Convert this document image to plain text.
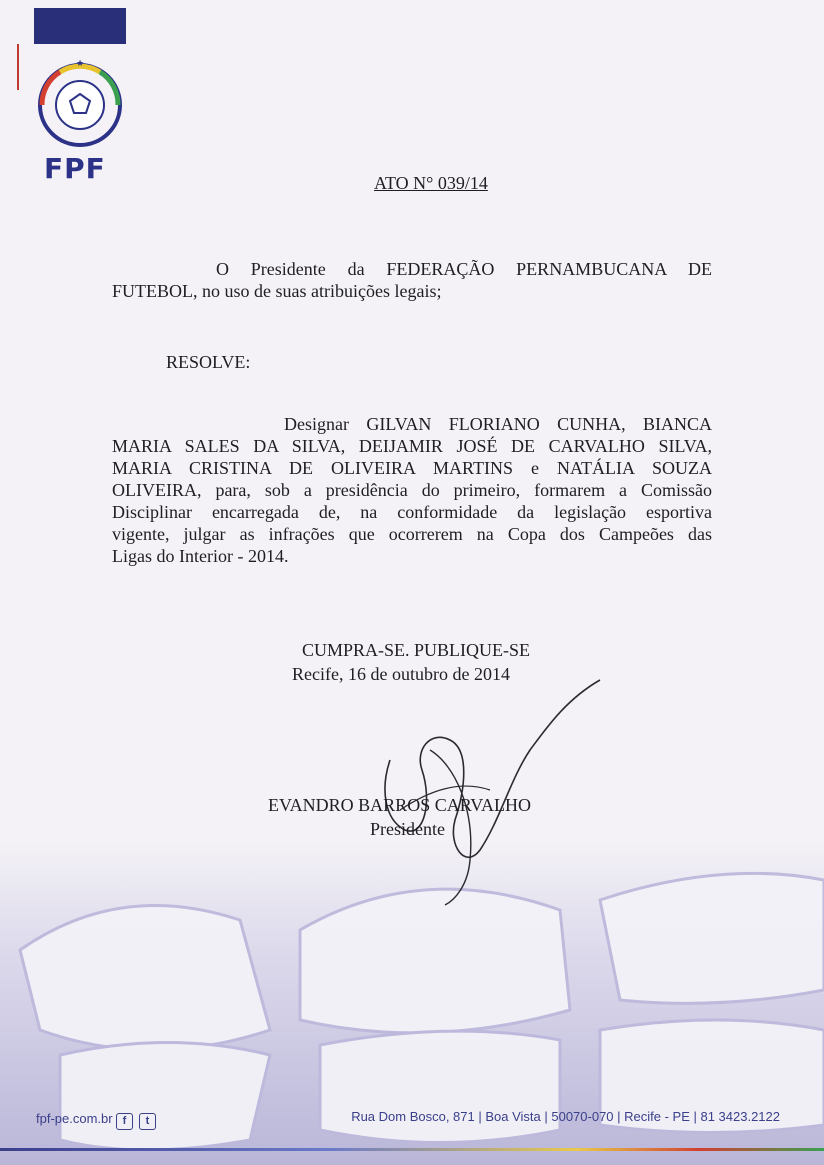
★
FPF	ATO N° 039/14
O Presidente da FEDERAÇÃO PERNAMBUCANA DE
FUTEBOL, no uso de suas atribuições legais;
RESOLVE:
Designar GILVAN FLORIANO CUNHA, BIANCA
MARIA SALES DA SILVA, DEIJAMIR JOSÉ DE CARVALHO SILVA,
MARIA CRISTINA DE OLIVEIRA MARTINS e NATÁLIA SOUZA
OLIVEIRA, para, sob a presidência do primeiro, formarem a Comissão
Disciplinar encarregada de, na conformidade da legislação esportiva
vigente, julgar as infrações que ocorrerem na Copa dos Campeões das
Ligas do Interior - 2014.
CUMPRA-SE. PUBLIQUE-SE
Recife, 16 de outubro de 2014
EVANDRO BARROS CARVALHO
Presidente
fpf-pe.com.br f t	Rua Dom Bosco, 871 | Boa Vista | 50070-070 | Recife - PE | 81 3423.2122
